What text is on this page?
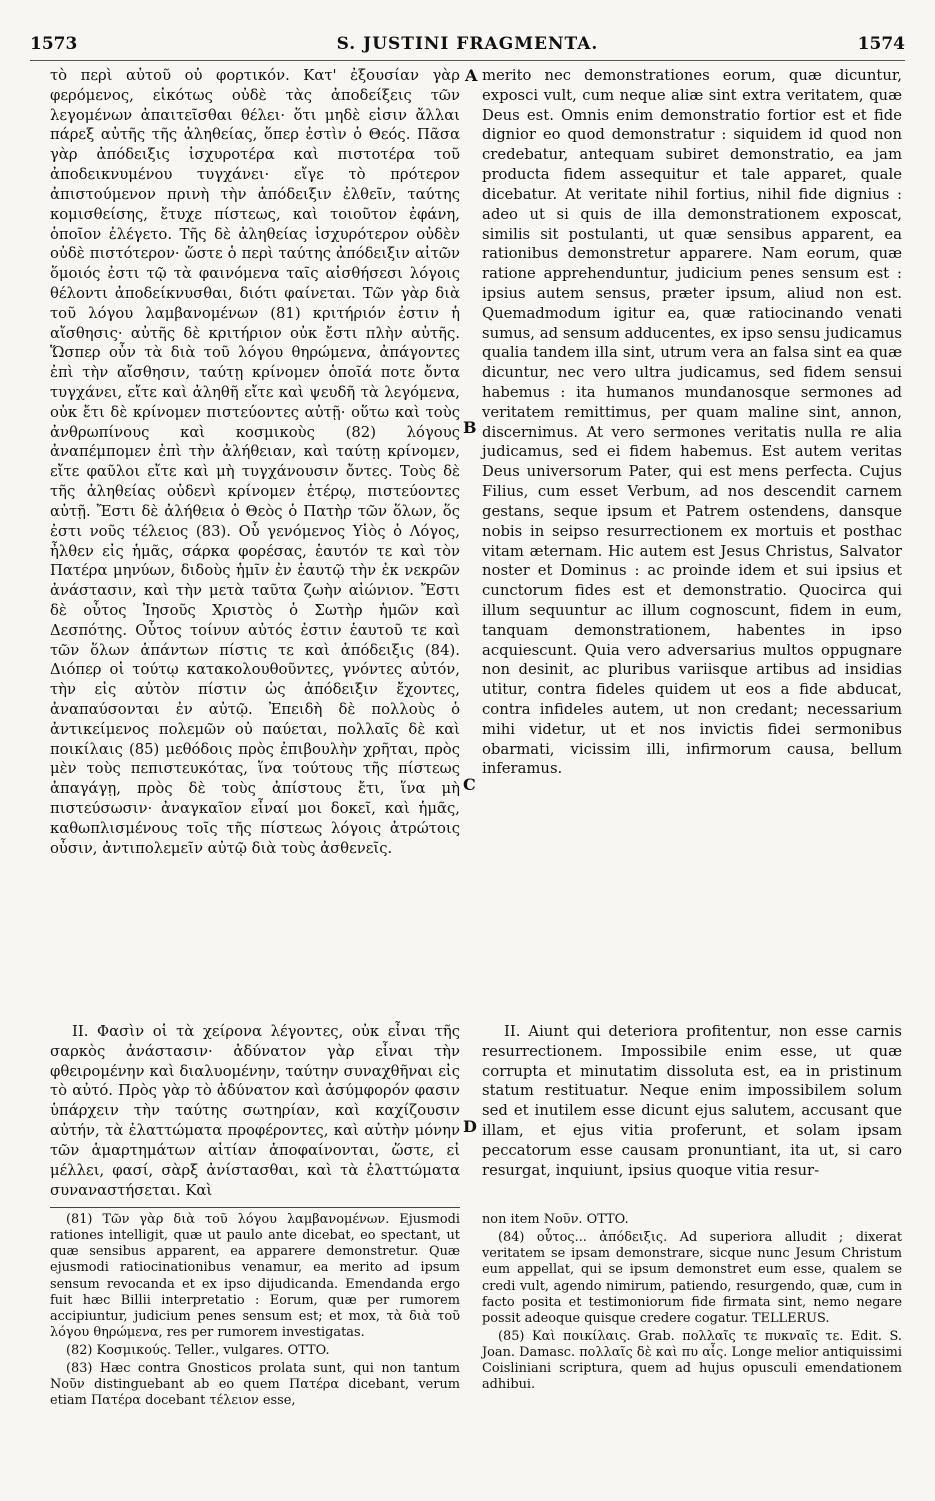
1573	S. JUSTINI FRAGMENTA.	1574

τὸ περὶ αὐτοῦ οὐ φορτικόν. Κατ' ἐξουσίαν γὰρ φερόμενος, εἰκότως οὐδὲ τὰς ἀποδείξεις τῶν λεγομένων ἀπαιτεῖσθαι θέλει· ὅτι μηδὲ εἰσιν ἄλλαι πάρεξ αὐτῆς τῆς ἀληθείας, ὅπερ ἐστὶν ὁ Θεός. Πᾶσα γὰρ ἀπόδειξις ἰσχυροτέρα καὶ πιστοτέρα τοῦ ἀποδεικνυμένου τυγχάνει· εἴγε τὸ πρότερον ἀπιστούμενον πρινὴ τὴν ἀπόδειξιν ἐλθεῖν, ταύτης κομισθείσης, ἔτυχε πίστεως, καὶ τοιοῦτον ἐφάνη, ὁποῖον ἐλέγετο. Τῆς δὲ ἀληθείας ἰσχυρότερον οὐδὲν οὐδὲ πιστότερον· ὥστε ὁ περὶ ταύτης ἀπόδειξιν αἰτῶν ὅμοιός ἐστι τῷ τὰ φαινόμενα ταῖς αἰσθήσεσι λόγοις θέλοντι ἀποδείκνυσθαι, διότι φαίνεται. Τῶν γὰρ διὰ τοῦ λόγου λαμβανομένων (81) κριτήριόν ἐστιν ἡ αἴσθησις· αὐτῆς δὲ κριτήριον οὐκ ἔστι πλὴν αὐτῆς. Ὥσπερ οὖν τὰ διὰ τοῦ λόγου θηρώμενα, ἀπάγοντες ἐπὶ τὴν αἴσθησιν, ταύτῃ κρίνομεν ὁποῖά ποτε ὄντα τυγχάνει, εἴτε καὶ ἀληθῆ εἴτε καὶ ψευδῆ τὰ λεγόμενα, οὐκ ἔτι δὲ κρίνομεν πιστεύοντες αὐτῇ· οὕτω καὶ τοὺς ἀνθρωπίνους καὶ κοσμικοὺς (82) λόγους ἀναπέμπομεν ἐπὶ τὴν ἀλήθειαν, καὶ ταύτῃ κρίνομεν, εἴτε φαῦλοι εἴτε καὶ μὴ τυγχάνουσιν ὄντες. Τοὺς δὲ τῆς ἀληθείας οὐδενὶ κρίνομεν ἑτέρῳ, πιστεύοντες αὐτῇ. Ἔστι δὲ ἀλήθεια ὁ Θεὸς ὁ Πατὴρ τῶν ὅλων, ὅς ἐστι νοῦς τέλειος (83). Οὗ γενόμενος Υἱὸς ὁ Λόγος, ἦλθεν εἰς ἡμᾶς, σάρκα φορέσας, ἑαυτόν τε καὶ τὸν Πατέρα μηνύων, διδοὺς ἡμῖν ἐν ἑαυτῷ τὴν ἐκ νεκρῶν ἀνάστασιν, καὶ τὴν μετὰ ταῦτα ζωὴν αἰώνιον. Ἔστι δὲ οὗτος Ἰησοῦς Χριστὸς ὁ Σωτὴρ ἡμῶν καὶ Δεσπότης. Οὗτος τοίνυν αὐτός ἐστιν ἑαυτοῦ τε καὶ τῶν ὅλων ἁπάντων πίστις τε καὶ ἀπόδειξις (84). Διόπερ οἱ τούτῳ κατακολουθοῦντες, γνόντες αὐτόν, τὴν εἰς αὐτὸν πίστιν ὡς ἀπόδειξιν ἔχοντες, ἀναπαύσονται ἐν αὐτῷ. Ἐπειδὴ δὲ πολλοὺς ὁ ἀντικείμενος πολεμῶν οὐ παύεται, πολλαῖς δὲ καὶ ποικίλαις (85) μεθόδοις πρὸς ἐπιβουλὴν χρῆται, πρὸς μὲν τοὺς πεπιστευκότας, ἵνα τούτους τῆς πίστεως ἀπαγάγῃ, πρὸς δὲ τοὺς ἀπίστους ἔτι, ἵνα μὴ πιστεύσωσιν· ἀναγκαῖον εἶναί μοι δοκεῖ, καὶ ἡμᾶς, καθωπλισμένους τοῖς τῆς πίστεως λόγοις ἀτρώτοις οὖσιν, ἀντιπολεμεῖν αὐτῷ διὰ τοὺς ἀσθενεῖς.

merito nec demonstrationes eorum, quæ dicuntur, exposci vult, cum neque aliæ sint extra veritatem, quæ Deus est. Omnis enim demonstratio fortior est et fide dignior eo quod demonstratur : siquidem id quod non credebatur, antequam subiret demonstratio, ea jam producta fidem assequitur et tale apparet, quale dicebatur. At veritate nihil fortius, nihil fide dignius : adeo ut si quis de illa demonstrationem exposcat, similis sit postulanti, ut quæ sensibus apparent, ea rationibus demonstretur apparere. Nam eorum, quæ ratione apprehenduntur, judicium penes sensum est : ipsius autem sensus, præter ipsum, aliud non est. Quemadmodum igitur ea, quæ ratiocinando venati sumus, ad sensum adducentes, ex ipso sensu judicamus qualia tandem illa sint, utrum vera an falsa sint ea quæ dicuntur, nec vero ultra judicamus, sed fidem sensui habemus : ita humanos mundanosque sermones ad veritatem remittimus, per quam maline sint, annon, discernimus. At vero sermones veritatis nulla re alia judicamus, sed ei fidem habemus. Est autem veritas Deus universorum Pater, qui est mens perfecta. Cujus Filius, cum esset Verbum, ad nos descendit carnem gestans, seque ipsum et Patrem ostendens, dansque nobis in seipso resurrectionem ex mortuis et posthac vitam æternam. Hic autem est Jesus Christus, Salvator noster et Dominus : ac proinde idem et sui ipsius et cunctorum fides est et demonstratio. Quocirca qui illum sequuntur ac illum cognoscunt, fidem in eum, tanquam demonstrationem, habentes in ipso acquiescunt. Quia vero adversarius multos oppugnare non desinit, ac pluribus variisque artibus ad insidias utitur, contra fideles quidem ut eos a fide abducat, contra infideles autem, ut non credant; necessarium mihi videtur, ut et nos invictis fidei sermonibus obarmati, vicissim illi, infirmorum causa, bellum inferamus.

A
B
C
D

II. Φασὶν οἱ τὰ χείρονα λέγοντες, οὐκ εἶναι τῆς σαρκὸς ἀνάστασιν· ἀδύνατον γὰρ εἶναι τὴν φθειρομένην καὶ διαλυομένην, ταύτην συναχθῆναι εἰς τὸ αὐτό. Πρὸς γὰρ τὸ ἀδύνατον καὶ ἀσύμφορόν φασιν ὑπάρχειν τὴν ταύτης σωτηρίαν, καὶ καχίζουσιν αὐτήν, τὰ ἐλαττώματα προφέροντες, καὶ αὐτὴν μόνην τῶν ἁμαρτημάτων αἰτίαν ἀποφαίνονται, ὥστε, εἰ μέλλει, φασί, σὰρξ ἀνίστασθαι, καὶ τὰ ἐλαττώματα συναναστήσεται. Καὶ

II. Aiunt qui deteriora profitentur, non esse carnis resurrectionem. Impossibile enim esse, ut quæ corrupta et minutatim dissoluta est, ea in pristinum statum restituatur. Neque enim impossibilem solum sed et inutilem esse dicunt ejus salutem, accusant que illam, et ejus vitia proferunt, et solam ipsam peccatorum esse causam pronuntiant, ita ut, si caro resurgat, inquiunt, ipsius quoque vitia resur-

(81) Τῶν γὰρ διὰ τοῦ λόγου λαμβανομένων. Ejusmodi rationes intelligit, quæ ut paulo ante dicebat, eo spectant, ut quæ sensibus apparent, ea apparere demonstretur. Quæ ejusmodi ratiocinationibus venamur, ea merito ad ipsum sensum revocanda et ex ipso dijudicanda. Emendanda ergo fuit hæc Billii interpretatio : Eorum, quæ per rumorem accipiuntur, judicium penes sensum est; et mox, τὰ διὰ τοῦ λόγου θηρώμενα, res per rumorem investigatas.

(82) Κοσμικούς. Teller., vulgares. OTTO.

(83) Hæc contra Gnosticos prolata sunt, qui non tantum Νοῦν distinguebant ab eo quem Πατέρα dicebant, verum etiam Πατέρα docebant τέλειον esse,

non item Νοῦν. OTTO.

(84) οὗτος... ἀπόδειξις. Ad superiora alludit ; dixerat veritatem se ipsam demonstrare, sicque nunc Jesum Christum eum appellat, qui se ipsum demonstret eum esse, qualem se credi vult, agendo nimirum, patiendo, resurgendo, quæ, cum in facto posita et testimoniorum fide firmata sint, nemo negare possit adeoque quisque credere cogatur. TELLERUS.

(85) Καὶ ποικίλαις. Grab. πολλαῖς τε πυκναῖς τε. Edit. S. Joan. Damasc. πολλαῖς δὲ καὶ πυ αἶς. Longe melior antiquissimi Coisliniani scriptura, quem ad hujus opusculi emendationem adhibui.
